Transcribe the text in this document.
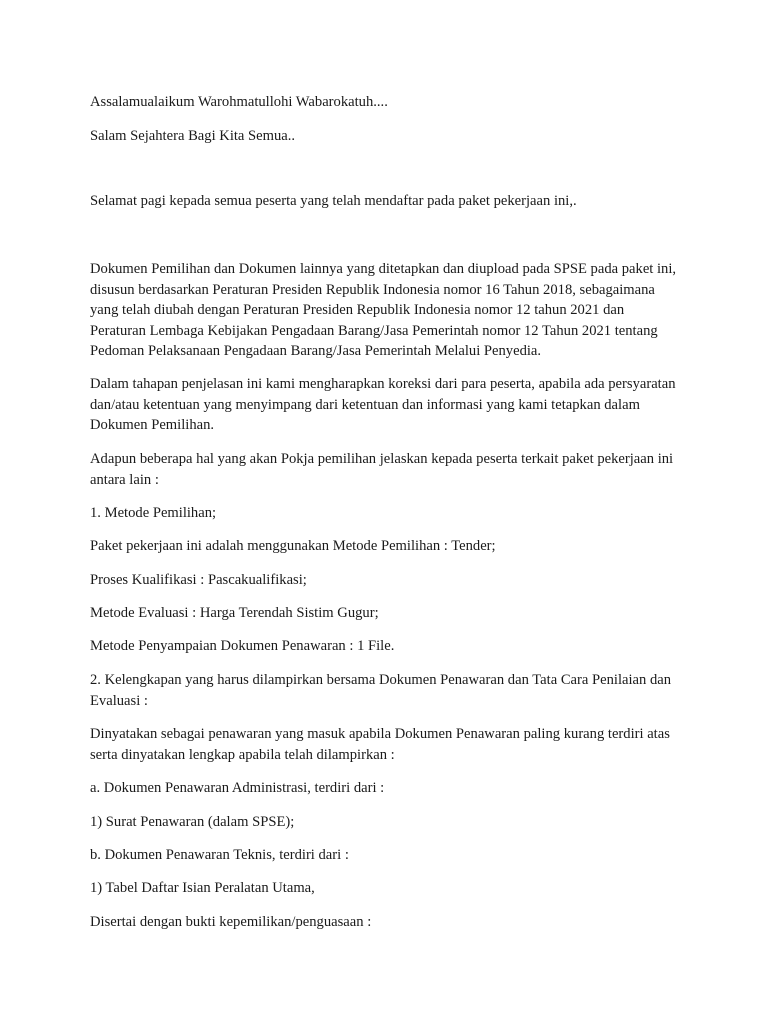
Assalamualaikum Warohmatullohi Wabarokatuh....

Salam Sejahtera Bagi Kita Semua..

Selamat pagi kepada semua peserta yang telah mendaftar pada paket pekerjaan ini,.

Dokumen Pemilihan dan Dokumen lainnya yang ditetapkan dan diupload pada SPSE pada paket ini, disusun berdasarkan Peraturan Presiden Republik Indonesia nomor 16 Tahun 2018, sebagaimana yang telah diubah dengan Peraturan Presiden Republik Indonesia nomor 12 tahun 2021 dan Peraturan Lembaga Kebijakan Pengadaan Barang/Jasa Pemerintah nomor 12 Tahun 2021 tentang Pedoman Pelaksanaan Pengadaan Barang/Jasa Pemerintah Melalui Penyedia.

Dalam tahapan penjelasan ini kami mengharapkan koreksi dari para peserta, apabila ada persyaratan dan/atau ketentuan yang menyimpang dari ketentuan dan informasi yang kami tetapkan dalam Dokumen Pemilihan.

Adapun beberapa hal yang akan Pokja pemilihan jelaskan kepada peserta terkait paket pekerjaan ini antara lain :

1. Metode Pemilihan;

Paket pekerjaan ini adalah menggunakan Metode Pemilihan : Tender;

Proses Kualifikasi : Pascakualifikasi;

Metode Evaluasi : Harga Terendah Sistim Gugur;

Metode Penyampaian Dokumen Penawaran : 1 File.

2. Kelengkapan yang harus dilampirkan bersama Dokumen Penawaran dan Tata Cara Penilaian dan Evaluasi :

Dinyatakan sebagai penawaran yang masuk apabila Dokumen Penawaran paling kurang terdiri atas serta dinyatakan lengkap apabila telah dilampirkan :

a. Dokumen Penawaran Administrasi, terdiri dari :

1) Surat Penawaran (dalam SPSE);

b. Dokumen Penawaran Teknis, terdiri dari :

1) Tabel Daftar Isian Peralatan Utama,

Disertai dengan bukti kepemilikan/penguasaan :
